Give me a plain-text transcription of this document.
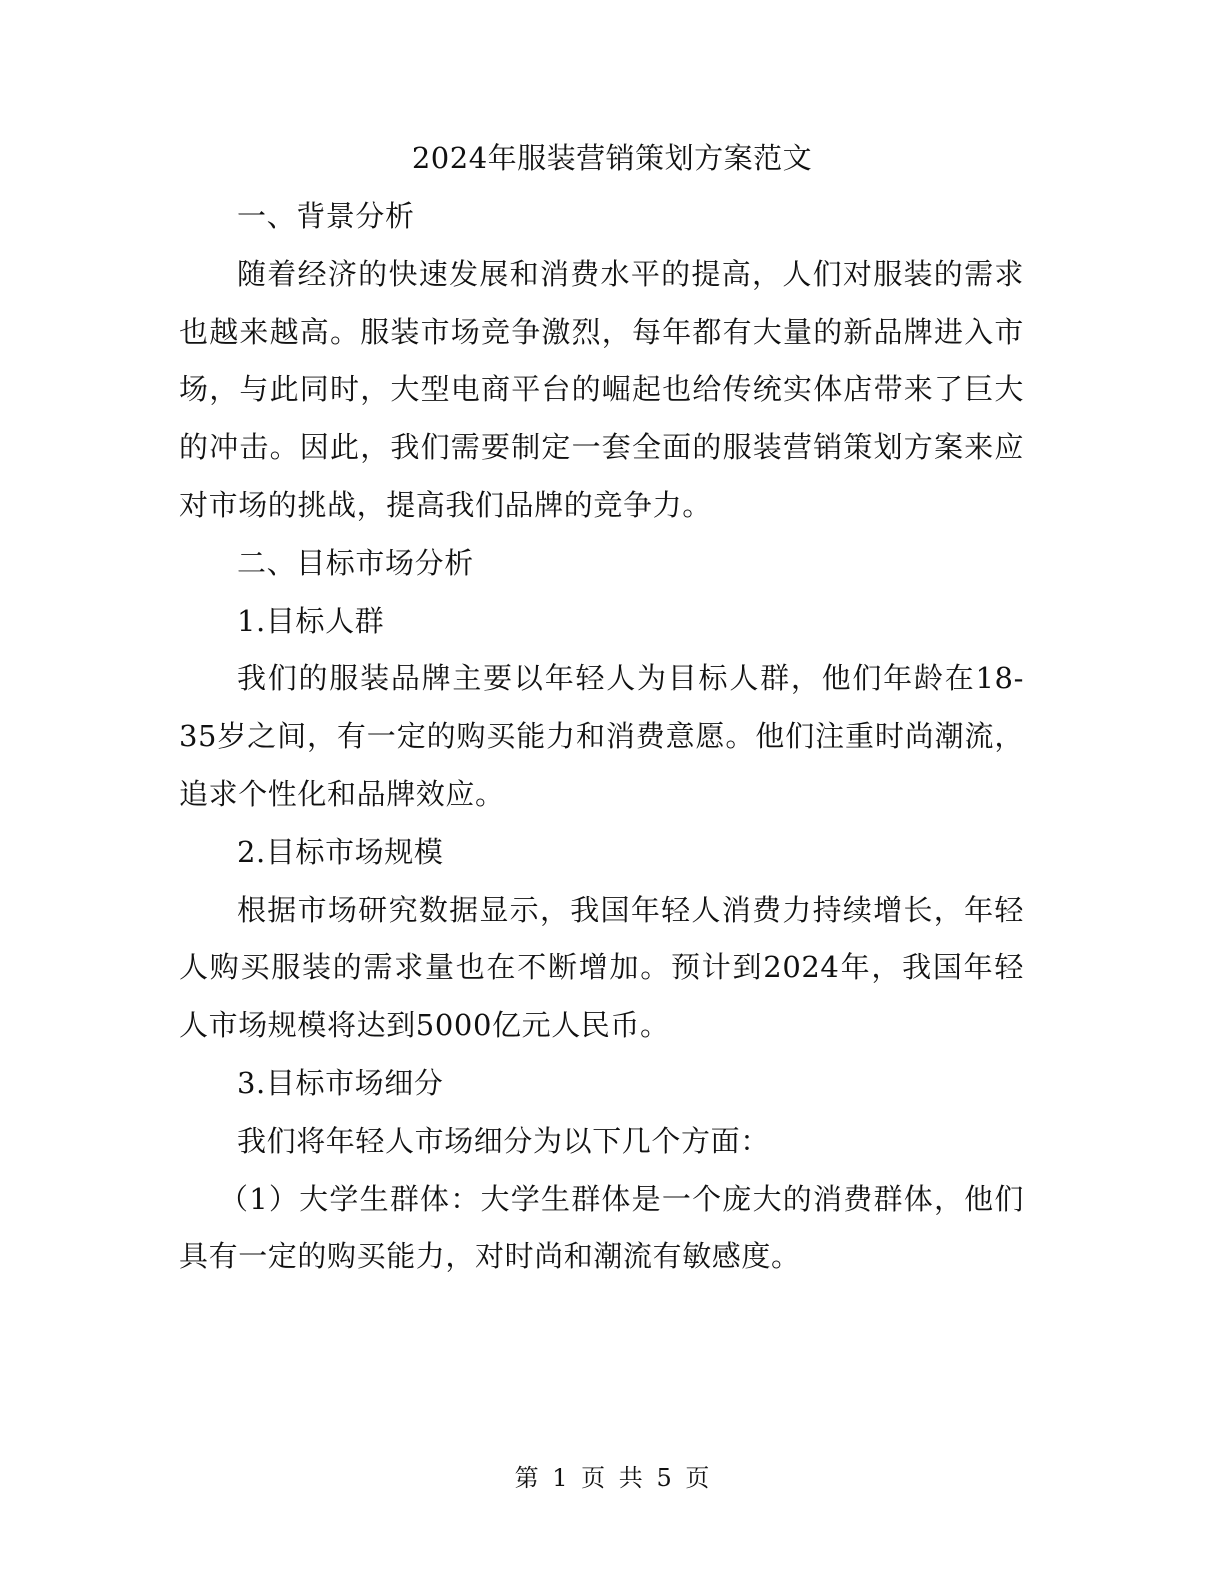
2024年服装营销策划方案范文

一、背景分析

随着经济的快速发展和消费水平的提高，人们对服装的需求也越来越高。服装市场竞争激烈，每年都有大量的新品牌进入市场，与此同时，大型电商平台的崛起也给传统实体店带来了巨大的冲击。因此，我们需要制定一套全面的服装营销策划方案来应对市场的挑战，提高我们品牌的竞争力。

二、目标市场分析

1.目标人群

我们的服装品牌主要以年轻人为目标人群，他们年龄在18-35岁之间，有一定的购买能力和消费意愿。他们注重时尚潮流，追求个性化和品牌效应。

2.目标市场规模

根据市场研究数据显示，我国年轻人消费力持续增长，年轻人购买服装的需求量也在不断增加。预计到2024年，我国年轻人市场规模将达到5000亿元人民币。

3.目标市场细分

我们将年轻人市场细分为以下几个方面：

（1）大学生群体：大学生群体是一个庞大的消费群体，他们具有一定的购买能力，对时尚和潮流有敏感度。

第 1 页 共 5 页
